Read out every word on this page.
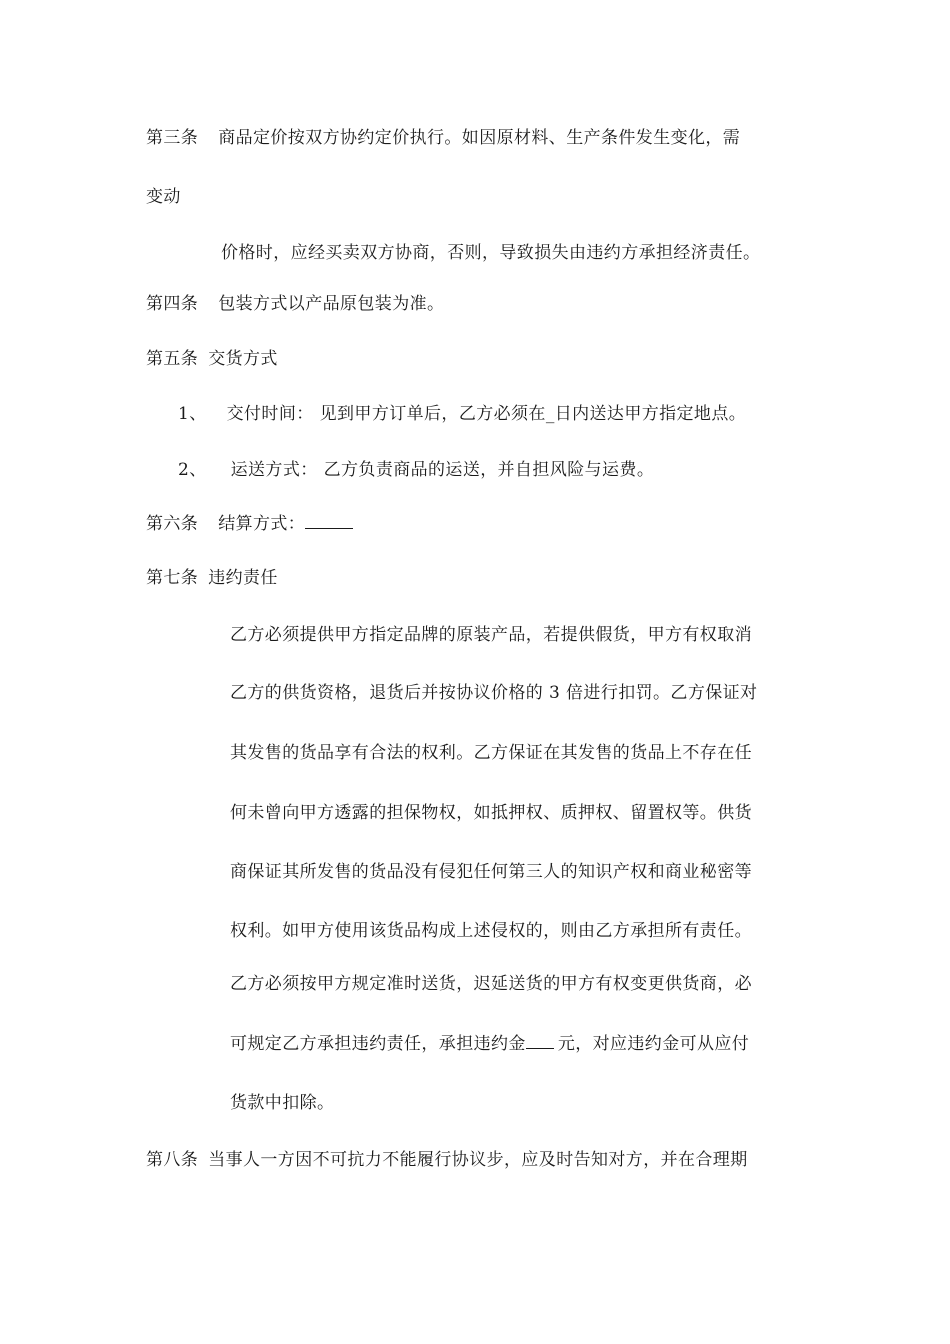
第三条 商品定价按双方协约定价执行。如因原材料、生产条件发生变化，需
变动
价格时，应经买卖双方协商，否则，导致损失由违约方承担经济责任。
第四条 包装方式以产品原包装为准。
第五条 交货方式
1、 交付时间： 见到甲方订单后，乙方必须在_日内送达甲方指定地点。
2、 运送方式： 乙方负责商品的运送，并自担风险与运费。
第六条 结算方式：
第七条 违约责任
乙方必须提供甲方指定品牌的原装产品，若提供假货，甲方有权取消
乙方的供货资格，退货后并按协议价格的 3 倍进行扣罚。乙方保证对
其发售的货品享有合法的权利。乙方保证在其发售的货品上不存在任
何未曾向甲方透露的担保物权，如抵押权、质押权、留置权等。供货
商保证其所发售的货品没有侵犯任何第三人的知识产权和商业秘密等
权利。如甲方使用该货品构成上述侵权的，则由乙方承担所有责任。
乙方必须按甲方规定准时送货，迟延送货的甲方有权变更供货商，必
可规定乙方承担违约责任，承担违约金 元，对应违约金可从应付
货款中扣除。
第八条 当事人一方因不可抗力不能履行协议步，应及时告知对方，并在合理期
